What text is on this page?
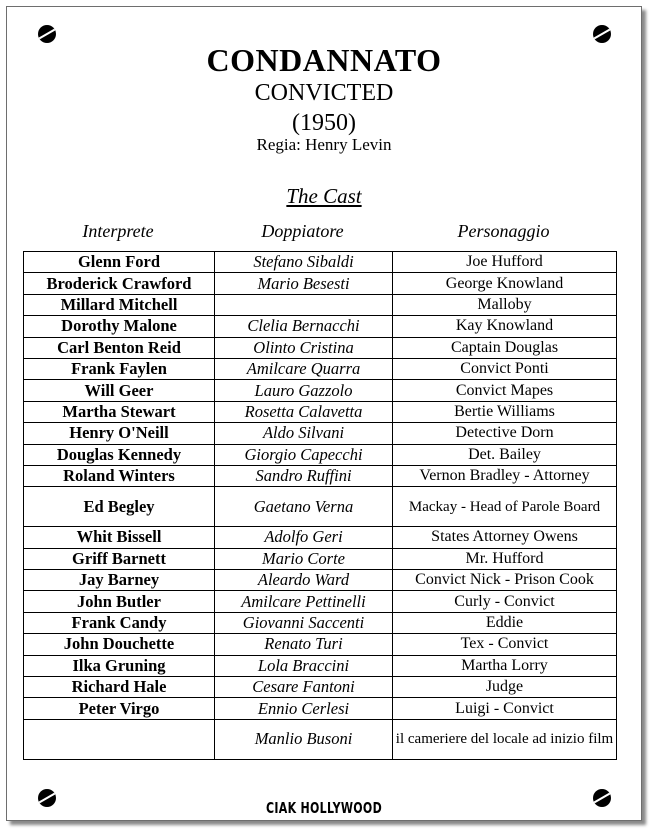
CONDANNATO
CONVICTED
(1950)
Regia: Henry Levin
The Cast
Interprete	Doppiatore	Personaggio
Glenn Ford	Stefano Sibaldi	Joe Hufford
Broderick Crawford	Mario Besesti	George Knowland
Millard Mitchell		Malloby
Dorothy Malone	Clelia Bernacchi	Kay Knowland
Carl Benton Reid	Olinto Cristina	Captain Douglas
Frank Faylen	Amilcare Quarra	Convict Ponti
Will Geer	Lauro Gazzolo	Convict Mapes
Martha Stewart	Rosetta Calavetta	Bertie Williams
Henry O'Neill	Aldo Silvani	Detective Dorn
Douglas Kennedy	Giorgio Capecchi	Det. Bailey
Roland Winters	Sandro Ruffini	Vernon Bradley - Attorney
Ed Begley	Gaetano Verna	Mackay - Head of Parole Board
Whit Bissell	Adolfo Geri	States Attorney Owens
Griff Barnett	Mario Corte	Mr. Hufford
Jay Barney	Aleardo Ward	Convict Nick - Prison Cook
John Butler	Amilcare Pettinelli	Curly - Convict
Frank Candy	Giovanni Saccenti	Eddie
John Douchette	Renato Turi	Tex - Convict
Ilka Gruning	Lola Braccini	Martha Lorry
Richard Hale	Cesare Fantoni	Judge
Peter Virgo	Ennio Cerlesi	Luigi - Convict
	Manlio Busoni	il cameriere del locale ad inizio film
CIAK HOLLYWOOD
